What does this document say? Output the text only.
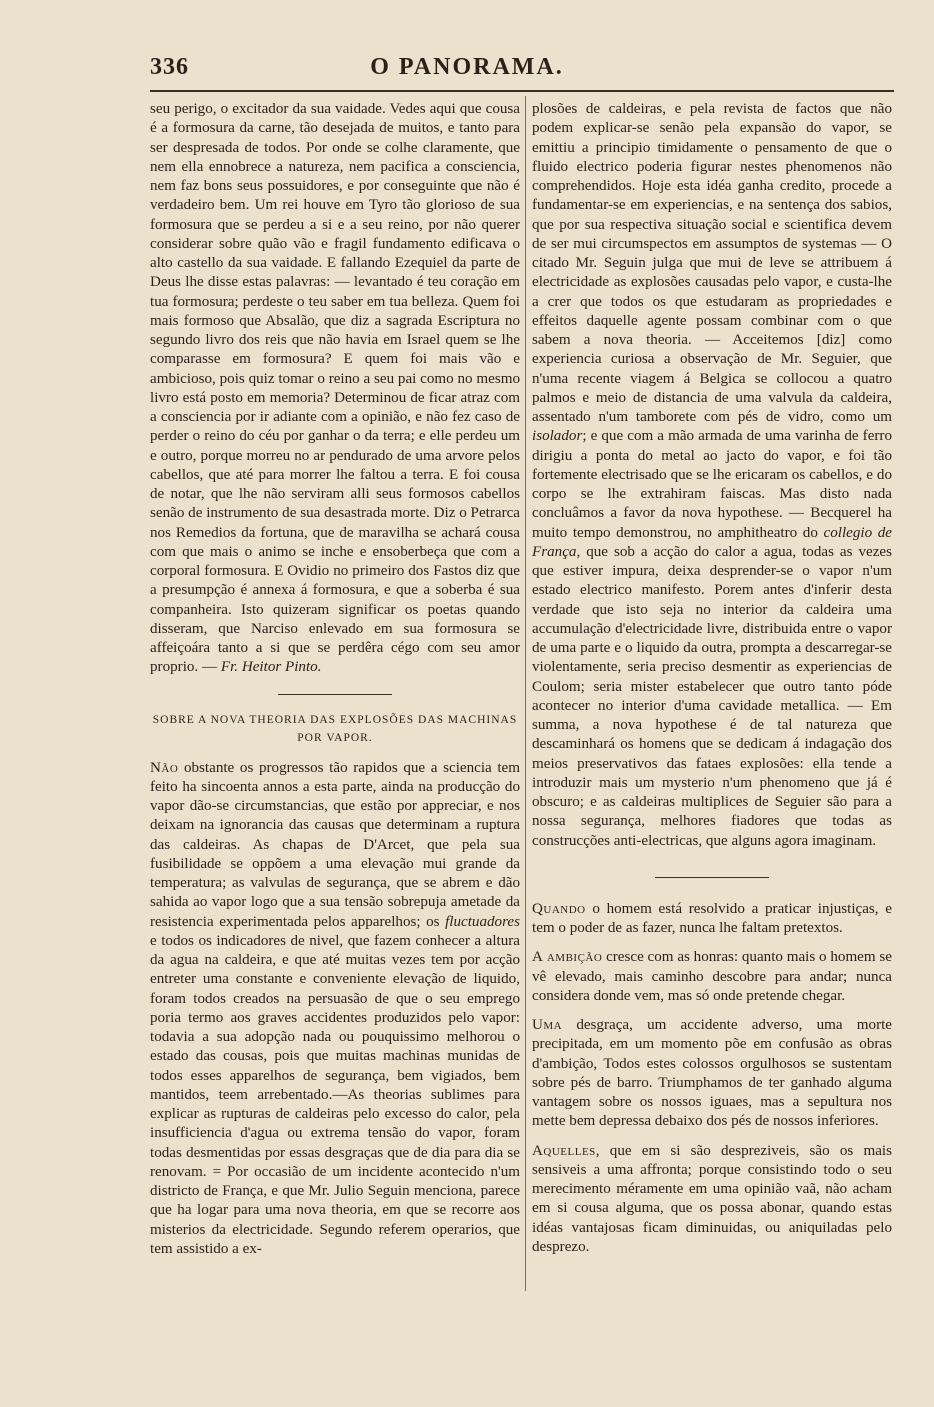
336	O PANORAMA.

seu perigo, o excitador da sua vaidade. Vedes aqui que cousa é a formosura da carne, tão desejada de muitos, e tanto para ser despresada de todos. Por onde se colhe claramente, que nem ella ennobrece a natureza, nem pacifica a consciencia, nem faz bons seus possuidores, e por conseguinte que não é verdadeiro bem. Um rei houve em Tyro tão glorioso de sua formosura que se perdeu a si e a seu reino, por não querer considerar sobre quão vão e fragil fundamento edificava o alto castello da sua vaidade. E fallando Ezequiel da parte de Deus lhe disse estas palavras: — levantado é teu coração em tua formosura; perdeste o teu saber em tua belleza. Quem foi mais formoso que Absalão, que diz a sagrada Escriptura no segundo livro dos reis que não havia em Israel quem se lhe comparasse em formosura? E quem foi mais vão e ambicioso, pois quiz tomar o reino a seu pai como no mesmo livro está posto em memoria? Determinou de ficar atraz com a consciencia por ir adiante com a opinião, e não fez caso de perder o reino do céu por ganhar o da terra; e elle perdeu um e outro, porque morreu no ar pendurado de uma arvore pelos cabellos, que até para morrer lhe faltou a terra. E foi cousa de notar, que lhe não serviram alli seus formosos cabellos senão de instrumento de sua desastrada morte. Diz o Petrarca nos Remedios da fortuna, que de maravilha se achará cousa com que mais o animo se inche e ensoberbeça que com a corporal formosura. E Ovidio no primeiro dos Fastos diz que a presumpção é annexa á formosura, e que a soberba é sua companheira. Isto quizeram significar os poetas quando disseram, que Narciso enlevado em sua formosura se affeiçoára tanto a si que se perdêra cégo com seu amor proprio. — Fr. Heitor Pinto.

SOBRE A NOVA THEORIA DAS EXPLOSÕES DAS MACHINAS
POR VAPOR.

Não obstante os progressos tão rapidos que a sciencia tem feito ha sincoenta annos a esta parte, ainda na producção do vapor dão-se circumstancias, que estão por appreciar, e nos deixam na ignorancia das causas que determinam a ruptura das caldeiras. As chapas de D'Arcet, que pela sua fusibilidade se oppõem a uma elevação mui grande da temperatura; as valvulas de segurança, que se abrem e dão sahida ao vapor logo que a sua tensão sobrepuja ametade da resistencia experimentada pelos apparelhos; os fluctuadores e todos os indicadores de nivel, que fazem conhecer a altura da agua na caldeira, e que até muitas vezes tem por acção entreter uma constante e conveniente elevação de liquido, foram todos creados na persuasão de que o seu emprego poria termo aos graves accidentes produzidos pelo vapor: todavia a sua adopção nada ou pouquissimo melhorou o estado das cousas, pois que muitas machinas munidas de todos esses apparelhos de segurança, bem vigiados, bem mantidos, teem arrebentado.—As theorias sublimes para explicar as rupturas de caldeiras pelo excesso do calor, pela insufficiencia d'agua ou extrema tensão do vapor, foram todas desmentidas por essas desgraças que de dia para dia se renovam. = Por occasião de um incidente acontecido n'um districto de França, e que Mr. Julio Seguin menciona, parece que ha logar para uma nova theoria, em que se recorre aos misterios da electricidade. Segundo referem operarios, que tem assistido a ex-

plosões de caldeiras, e pela revista de factos que não podem explicar-se senão pela expansão do vapor, se emittiu a principio timidamente o pensamento de que o fluido electrico poderia figurar nestes phenomenos não comprehendidos. Hoje esta idéa ganha credito, procede a fundamentar-se em experiencias, e na sentença dos sabios, que por sua respectiva situação social e scientifica devem de ser mui circumspectos em assumptos de systemas — O citado Mr. Seguin julga que mui de leve se attribuem á electricidade as explosões causadas pelo vapor, e custa-lhe a crer que todos os que estudaram as propriedades e effeitos daquelle agente possam combinar com o que sabem a nova theoria. — Acceitemos [diz] como experiencia curiosa a observação de Mr. Seguier, que n'uma recente viagem á Belgica se collocou a quatro palmos e meio de distancia de uma valvula da caldeira, assentado n'um tamborete com pés de vidro, como um isolador; e que com a mão armada de uma varinha de ferro dirigiu a ponta do metal ao jacto do vapor, e foi tão fortemente electrisado que se lhe ericaram os cabellos, e do corpo se lhe extrahiram faiscas. Mas disto nada concluâmos a favor da nova hypothese. — Becquerel ha muito tempo demonstrou, no amphitheatro do collegio de França, que sob a acção do calor a agua, todas as vezes que estiver impura, deixa desprender-se o vapor n'um estado electrico manifesto. Porem antes d'inferir desta verdade que isto seja no interior da caldeira uma accumulação d'electricidade livre, distribuida entre o vapor de uma parte e o liquido da outra, prompta a descarregar-se violentamente, seria preciso desmentir as experiencias de Coulom; seria mister estabelecer que outro tanto póde acontecer no interior d'uma cavidade metallica. — Em summa, a nova hypothese é de tal natureza que descaminhará os homens que se dedicam á indagação dos meios preservativos das fataes explosões: ella tende a introduzir mais um mysterio n'um phenomeno que já é obscuro; e as caldeiras multiplices de Seguier são para a nossa segurança, melhores fiadores que todas as construcções anti-electricas, que alguns agora imaginam.

Quando o homem está resolvido a praticar injustiças, e tem o poder de as fazer, nunca lhe faltam pretextos.

A ambição cresce com as honras: quanto mais o homem se vê elevado, mais caminho descobre para andar; nunca considera donde vem, mas só onde pretende chegar.

Uma desgraça, um accidente adverso, uma morte precipitada, em um momento põe em confusão as obras d'ambição, Todos estes colossos orgulhosos se sustentam sobre pés de barro. Triumphamos de ter ganhado alguma vantagem sobre os nossos iguaes, mas a sepultura nos mette bem depressa debaixo dos pés de nossos inferiores.

Aquelles, que em si são despreziveis, são os mais sensiveis a uma affronta; porque consistindo todo o seu merecimento méramente em uma opinião vaã, não acham em si cousa alguma, que os possa abonar, quando estas idéas vantajosas ficam diminuidas, ou aniquiladas pelo desprezo.
